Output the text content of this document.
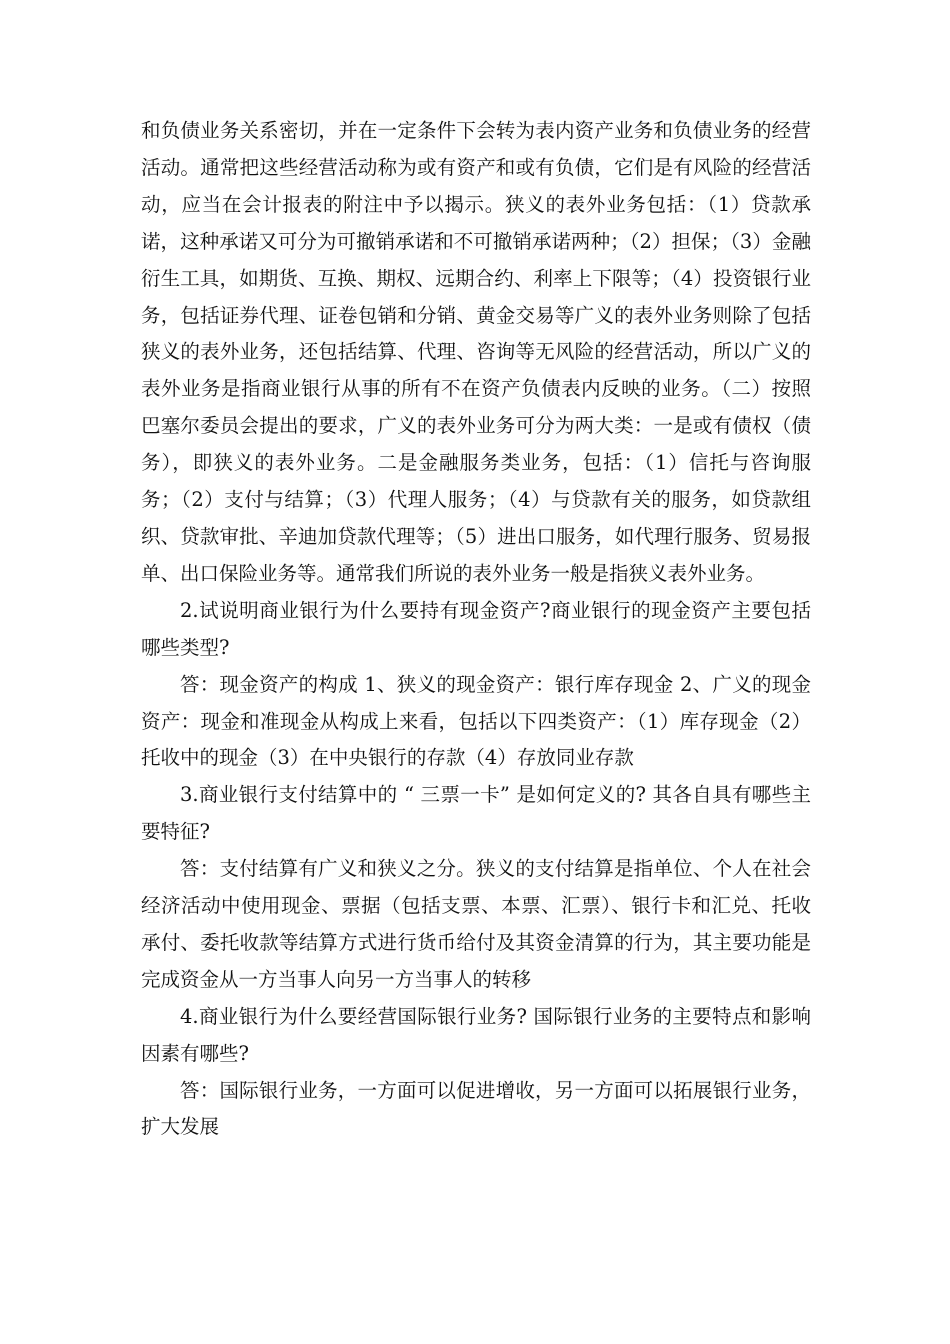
和负债业务关系密切，并在一定条件下会转为表内资产业务和负债业务的经营活动。通常把这些经营活动称为或有资产和或有负债，它们是有风险的经营活动，应当在会计报表的附注中予以揭示。狭义的表外业务包括：（1）贷款承诺，这种承诺又可分为可撤销承诺和不可撤销承诺两种；（2）担保；（3）金融衍生工具，如期货、互换、期权、远期合约、利率上下限等；（4）投资银行业务，包括证券代理、证卷包销和分销、黄金交易等广义的表外业务则除了包括狭义的表外业务，还包括结算、代理、咨询等无风险的经营活动，所以广义的表外业务是指商业银行从事的所有不在资产负债表内反映的业务。（二）按照巴塞尔委员会提出的要求，广义的表外业务可分为两大类：一是或有债权（债务），即狭义的表外业务。二是金融服务类业务，包括：（1）信托与咨询服务；（2）支付与结算；（3）代理人服务；（4）与贷款有关的服务，如贷款组织、贷款审批、辛迪加贷款代理等；（5）进出口服务，如代理行服务、贸易报单、出口保险业务等。通常我们所说的表外业务一般是指狭义表外业务。

2.试说明商业银行为什么要持有现金资产?商业银行的现金资产主要包括哪些类型?

答：现金资产的构成 1、狭义的现金资产：银行库存现金 2、广义的现金资产：现金和准现金从构成上来看，包括以下四类资产：（1）库存现金（2）托收中的现金（3）在中央银行的存款（4）存放同业存款

3.商业银行支付结算中的 “ 三票一卡” 是如何定义的? 其各自具有哪些主要特征?

答：支付结算有广义和狭义之分。狭义的支付结算是指单位、个人在社会经济活动中使用现金、票据（包括支票、本票、汇票）、银行卡和汇兑、托收承付、委托收款等结算方式进行货币给付及其资金清算的行为，其主要功能是完成资金从一方当事人向另一方当事人的转移

4.商业银行为什么要经营国际银行业务? 国际银行业务的主要特点和影响因素有哪些?

答：国际银行业务，一方面可以促进增收，另一方面可以拓展银行业务，扩大发展
